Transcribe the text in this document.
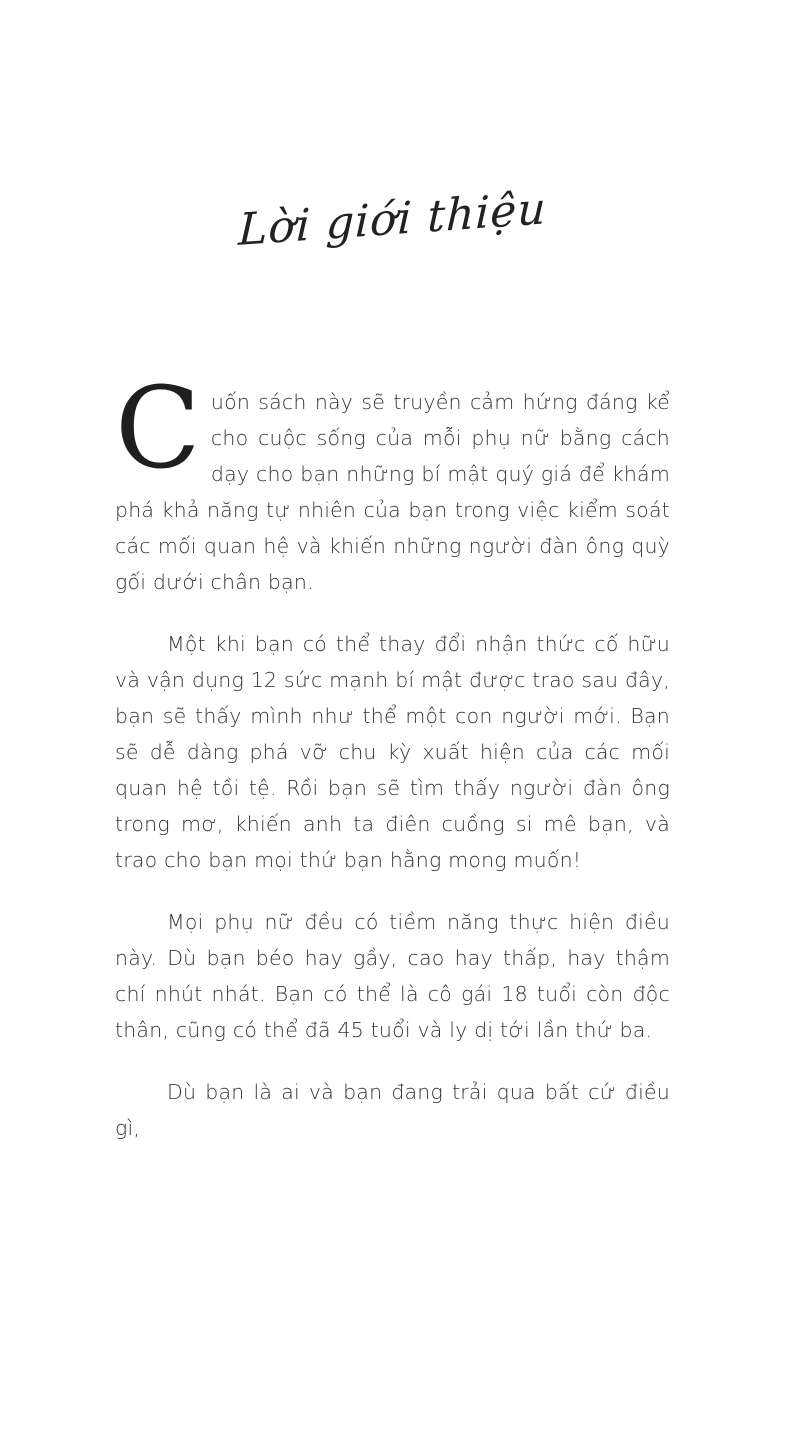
Lời giới thiệu

Cuốn sách này sẽ truyền cảm hứng đáng kể cho cuộc sống của mỗi phụ nữ bằng cách dạy cho bạn những bí mật quý giá để khám phá khả năng tự nhiên của bạn trong việc kiểm soát các mối quan hệ và khiến những người đàn ông quỳ gối dưới chân bạn.

Một khi bạn có thể thay đổi nhận thức cố hữu và vận dụng 12 sức mạnh bí mật được trao sau đây, bạn sẽ thấy mình như thể một con người mới. Bạn sẽ dễ dàng phá vỡ chu kỳ xuất hiện của các mối quan hệ tồi tệ. Rồi bạn sẽ tìm thấy người đàn ông trong mơ, khiến anh ta điên cuồng si mê bạn, và trao cho bạn mọi thứ bạn hằng mong muốn!

Mọi phụ nữ đều có tiềm năng thực hiện điều này. Dù bạn béo hay gầy, cao hay thấp, hay thậm chí nhút nhát. Bạn có thể là cô gái 18 tuổi còn độc thân, cũng có thể đã 45 tuổi và ly dị tới lần thứ ba.

Dù bạn là ai và bạn đang trải qua bất cứ điều gì,
